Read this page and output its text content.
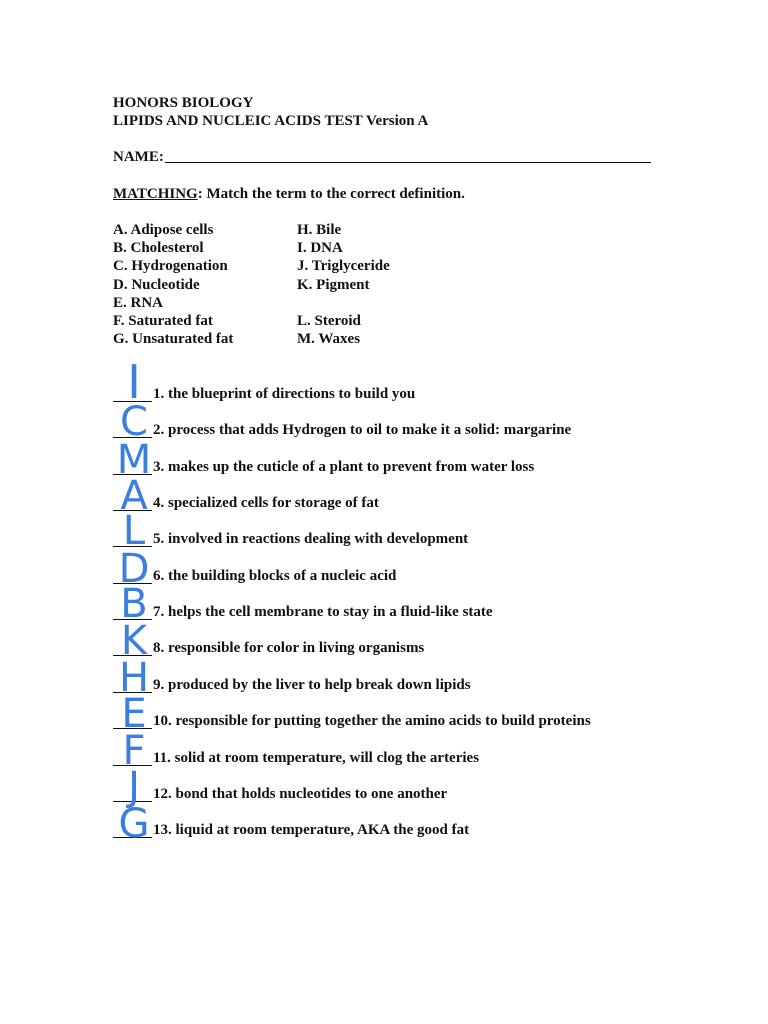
HONORS BIOLOGY
LIPIDS AND NUCLEIC ACIDS TEST Version A
NAME:
MATCHING: Match the term to the correct definition.
A. Adipose cells
B. Cholesterol
C. Hydrogenation
D. Nucleotide
E. RNA
F. Saturated fat
G. Unsaturated fat
H. Bile
I. DNA
J. Triglyceride
K. Pigment
L. Steroid
M. Waxes
1. the blueprint of directions to build you
2. process that adds Hydrogen to oil to make it a solid: margarine
3. makes up the cuticle of a plant to prevent from water loss
4. specialized cells for storage of fat
5. involved in reactions dealing with development
6. the building blocks of a nucleic acid
7. helps the cell membrane to stay in a fluid-like state
8. responsible for color in living organisms
9. produced by the liver to help break down lipids
10. responsible for putting together the amino acids to build proteins
11. solid at room temperature, will clog the arteries
12. bond that holds nucleotides to one another
13. liquid at room temperature, AKA the good fat
I
C
M
A
L
D
B
K
H
E
F
J
G
